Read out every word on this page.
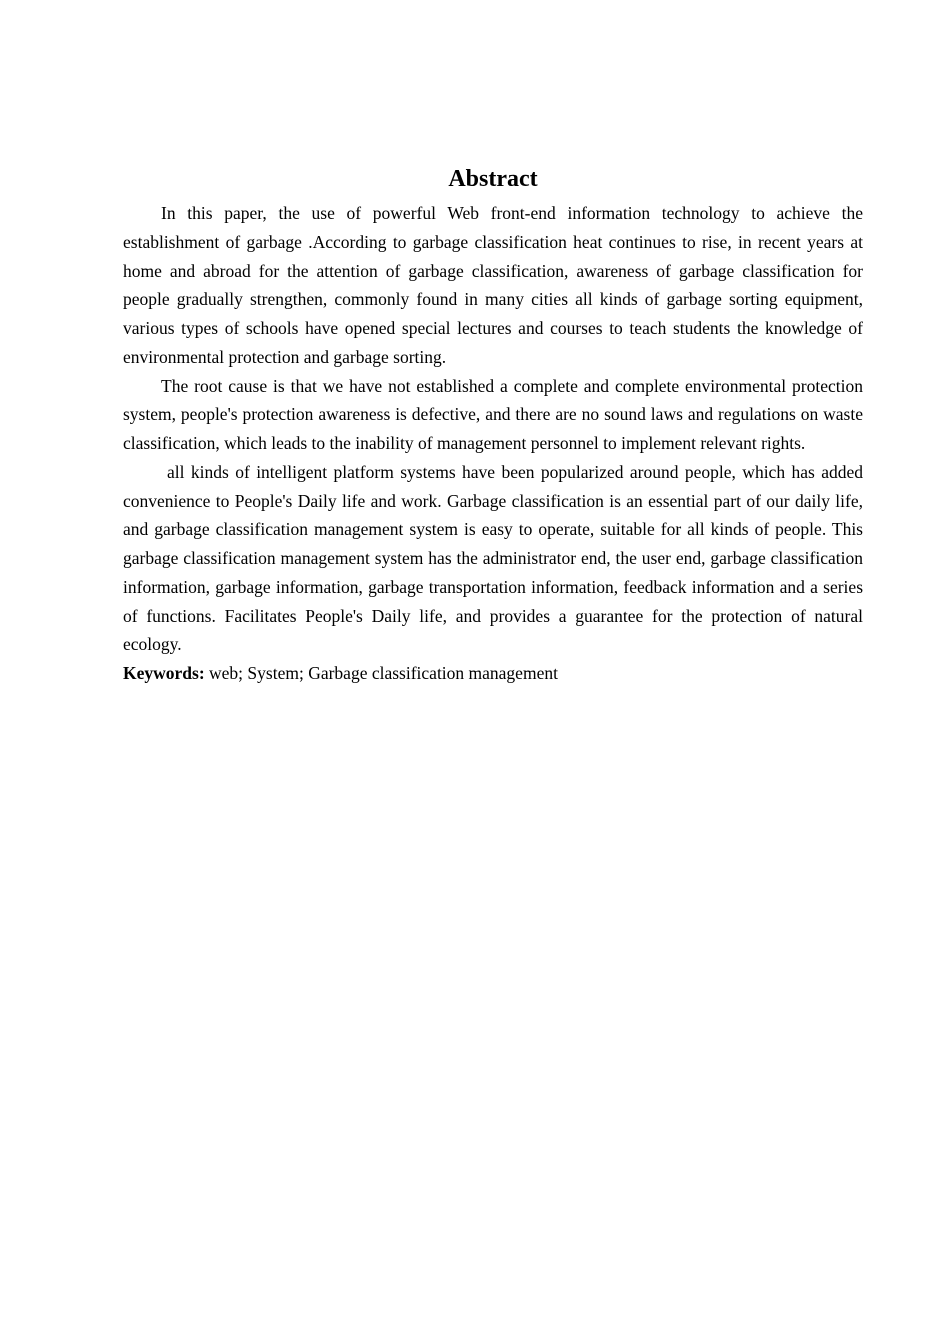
Abstract

In this paper, the use of powerful Web front-end information technology to achieve the establishment of garbage .According to garbage classification heat continues to rise, in recent years at home and abroad for the attention of garbage classification, awareness of garbage classification for people gradually strengthen, commonly found in many cities all kinds of garbage sorting equipment, various types of schools have opened special lectures and courses to teach students the knowledge of environmental protection and garbage sorting.

The root cause is that we have not established a complete and complete environmental protection system, people's protection awareness is defective, and there are no sound laws and regulations on waste classification, which leads to the inability of management personnel to implement relevant rights.

all kinds of intelligent platform systems have been popularized around people, which has added convenience to People's Daily life and work. Garbage classification is an essential part of our daily life, and garbage classification management system is easy to operate, suitable for all kinds of people. This garbage classification management system has the administrator end, the user end, garbage classification information, garbage information, garbage transportation information, feedback information and a series of functions. Facilitates People's Daily life, and provides a guarantee for the protection of natural ecology.

Keywords: web; System; Garbage classification management
